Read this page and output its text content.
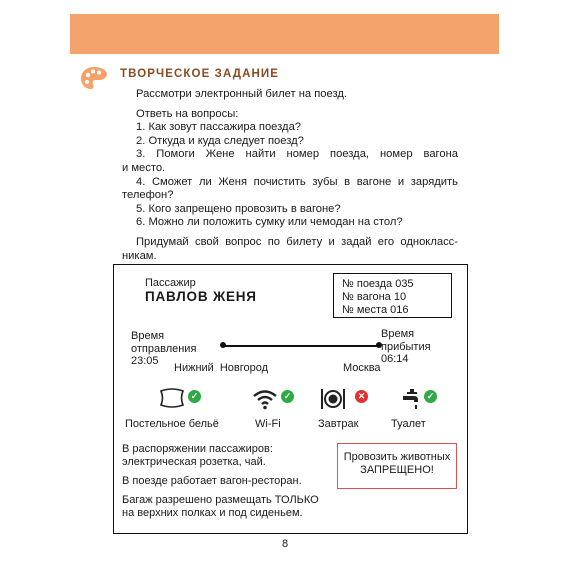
ТВОРЧЕСКОЕ ЗАДАНИЕ

Рассмотри электронный билет на поезд.

Ответь на вопросы:

1. Как зовут пассажира поезда?

2. Откуда и куда следует поезд?

3. Помоги Жене найти номер поезда, номер вагона

и место.

4. Сможет ли Женя почистить зубы в вагоне и зарядить

телефон?

5. Кого запрещено провозить в вагоне?

6. Можно ли положить сумку или чемодан на стол?

Придумай свой вопрос по билету и задай его однокласс-

никам.

Пассажир
ПАВЛОВ ЖЕНЯ
№ поезда 035
№ вагона 10
№ места 016
Время
отправления
23:05
Время
прибытия
06:14
Нижний Новгород	Москва
✓
Постельное бельё
✓
Wi-Fi
✕
Завтрак
✓
Туалет
В распоряжении пассажиров:
электрическая розетка, чай.
В поезде работает вагон-ресторан.
Багаж разрешено размещать ТОЛЬКО
на верхних полках и под сиденьем.
Провозить животных
ЗАПРЕЩЕНО!
8
